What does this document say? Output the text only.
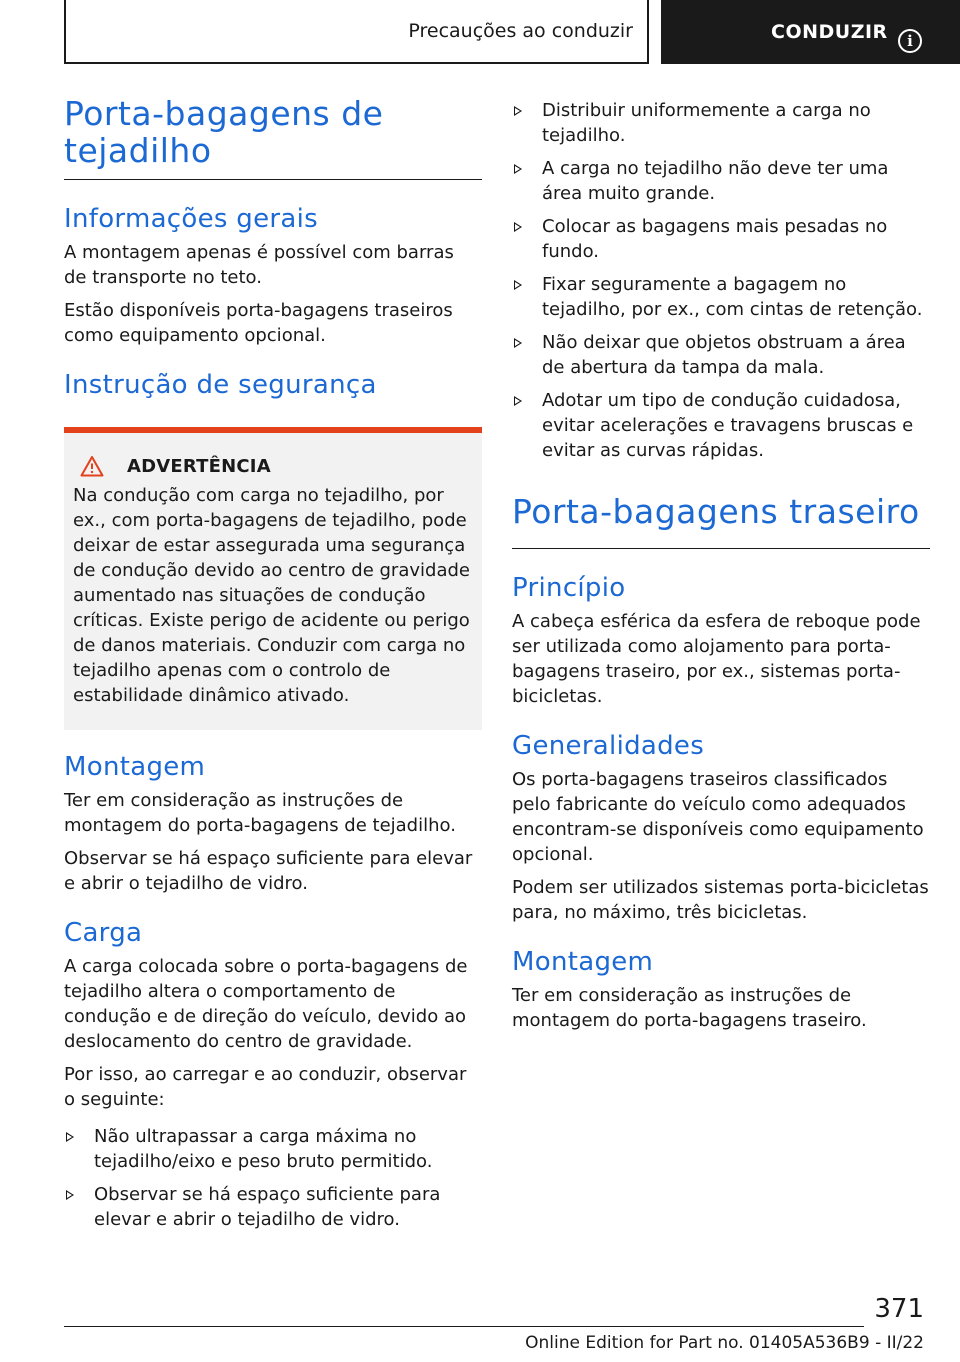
Precauções ao conduzir	CONDUZIR	i
Porta-bagagens de tejadilho
Informações gerais

A montagem apenas é possível com barras de transporte no teto.

Estão disponíveis porta-bagagens traseiros como equipamento opcional.

Instrução de segurança
ADVERTÊNCIA

Na condução com carga no tejadilho, por ex., com porta-bagagens de tejadilho, pode deixar de estar assegurada uma segurança de condução devido ao centro de gravidade aumentado nas situações de condução críticas. Existe perigo de acidente ou perigo de danos materiais. Conduzir com carga no tejadilho apenas com o controlo de estabilidade dinâmico ativado.

Montagem

Ter em consideração as instruções de montagem do porta-bagagens de tejadilho.

Observar se há espaço suficiente para elevar e abrir o tejadilho de vidro.

Carga

A carga colocada sobre o porta-bagagens de tejadilho altera o comportamento de condução e de direção do veículo, devido ao deslocamento do centro de gravidade.

Por isso, ao carregar e ao conduzir, observar o seguinte:

Não ultrapassar a carga máxima no tejadilho/eixo e peso bruto permitido.
Observar se há espaço suficiente para elevar e abrir o tejadilho de vidro.
Distribuir uniformemente a carga no tejadilho.
A carga no tejadilho não deve ter uma área muito grande.
Colocar as bagagens mais pesadas no fundo.
Fixar seguramente a bagagem no tejadilho, por ex., com cintas de retenção.
Não deixar que objetos obstruam a área de abertura da tampa da mala.
Adotar um tipo de condução cuidadosa, evitar acelerações e travagens bruscas e evitar as curvas rápidas.
Porta-bagagens traseiro
Princípio

A cabeça esférica da esfera de reboque pode ser utilizada como alojamento para porta-bagagens traseiro, por ex., sistemas porta-bicicletas.

Generalidades

Os porta-bagagens traseiros classificados pelo fabricante do veículo como adequados encontram-se disponíveis como equipamento opcional.

Podem ser utilizados sistemas porta-bicicletas para, no máximo, três bicicletas.

Montagem

Ter em consideração as instruções de montagem do porta-bagagens traseiro.

371
Online Edition for Part no. 01405A536B9 - II/22
